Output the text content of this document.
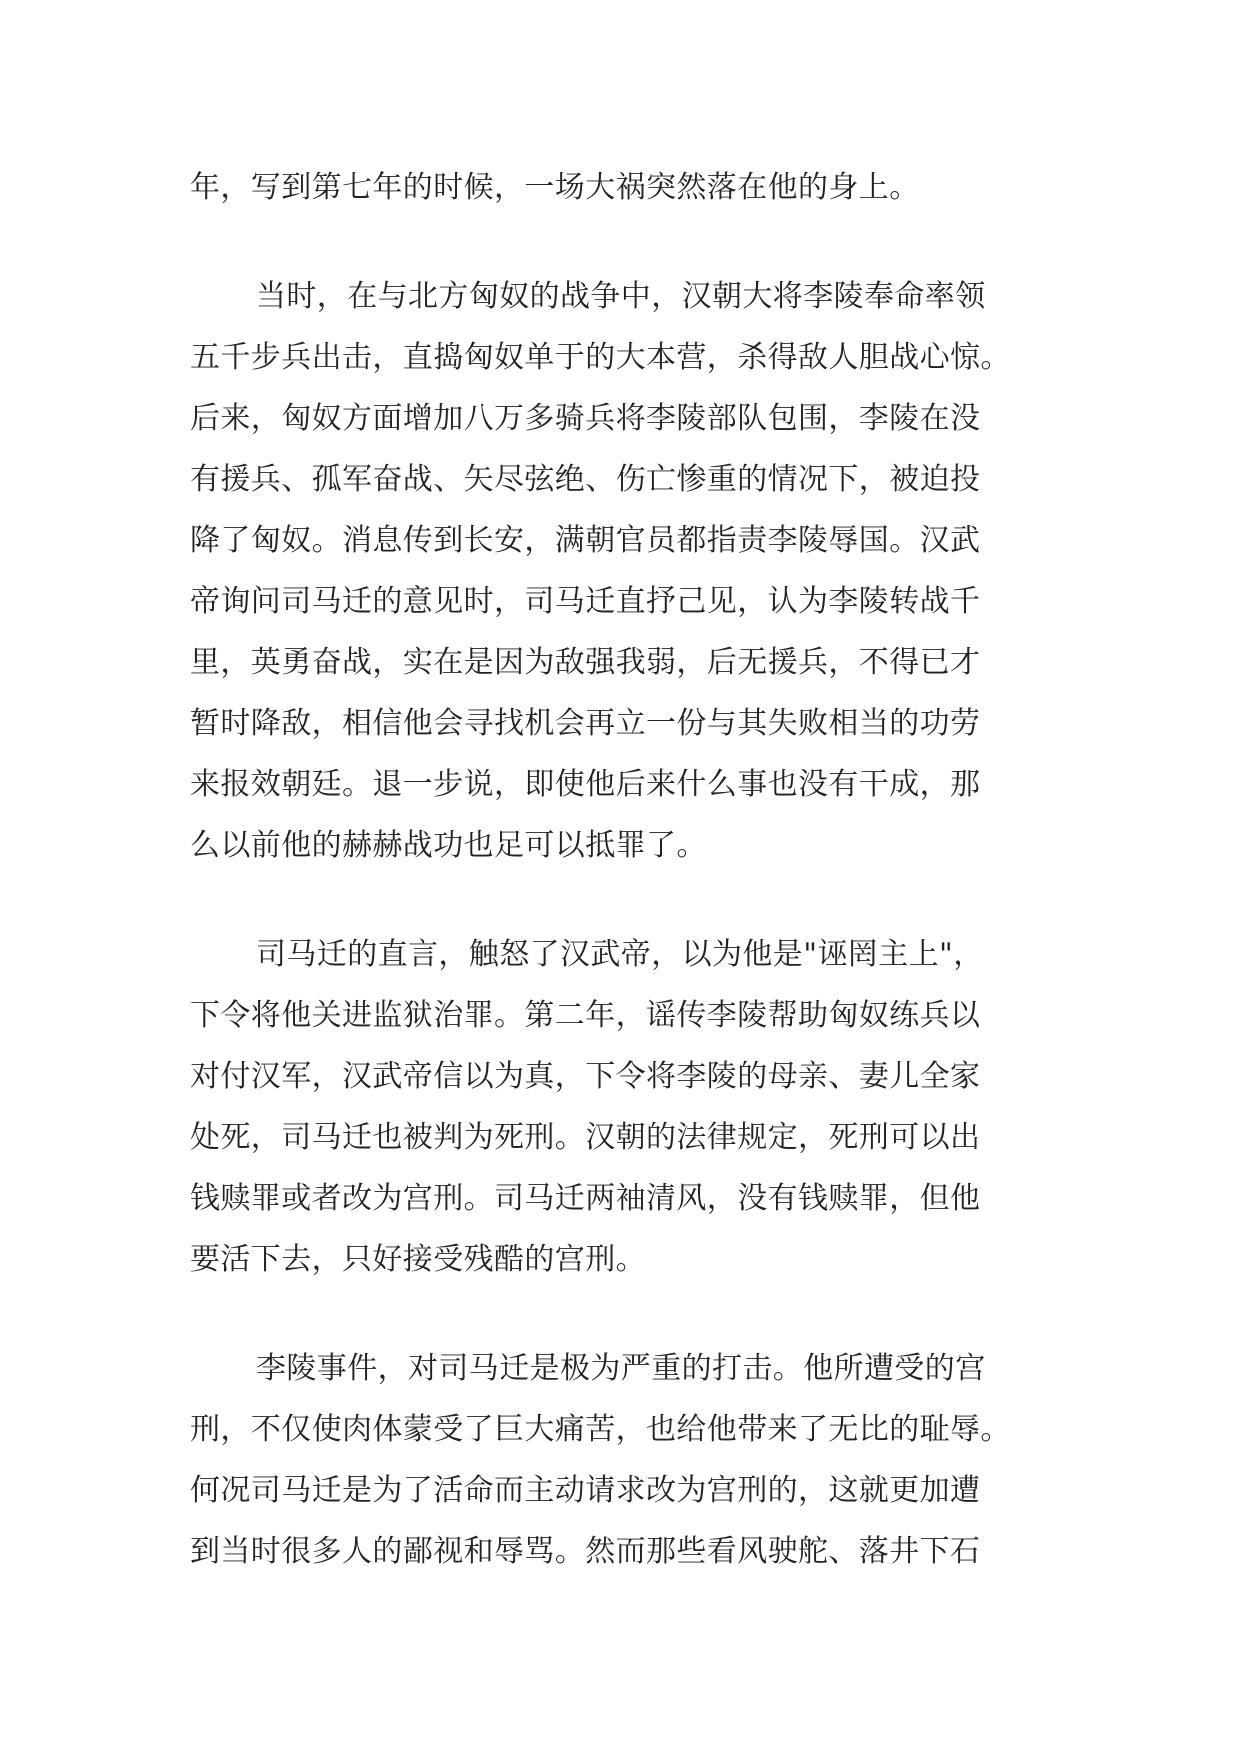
年，写到第七年的时候，一场大祸突然落在他的身上。
当时，在与北方匈奴的战争中，汉朝大将李陵奉命率领
五千步兵出击，直捣匈奴单于的大本营，杀得敌人胆战心惊。
后来，匈奴方面增加八万多骑兵将李陵部队包围，李陵在没
有援兵、孤军奋战、矢尽弦绝、伤亡惨重的情况下，被迫投
降了匈奴。消息传到长安，满朝官员都指责李陵辱国。汉武
帝询问司马迁的意见时，司马迁直抒己见，认为李陵转战千
里，英勇奋战，实在是因为敌强我弱，后无援兵，不得已才
暂时降敌，相信他会寻找机会再立一份与其失败相当的功劳
来报效朝廷。退一步说，即使他后来什么事也没有干成，那
么以前他的赫赫战功也足可以抵罪了。
司马迁的直言，触怒了汉武帝，以为他是"诬罔主上"，
下令将他关进监狱治罪。第二年，谣传李陵帮助匈奴练兵以
对付汉军，汉武帝信以为真，下令将李陵的母亲、妻儿全家
处死，司马迁也被判为死刑。汉朝的法律规定，死刑可以出
钱赎罪或者改为宫刑。司马迁两袖清风，没有钱赎罪，但他
要活下去，只好接受残酷的宫刑。
李陵事件，对司马迁是极为严重的打击。他所遭受的宫
刑，不仅使肉体蒙受了巨大痛苦，也给他带来了无比的耻辱。
何况司马迁是为了活命而主动请求改为宫刑的，这就更加遭
到当时很多人的鄙视和辱骂。然而那些看风驶舵、落井下石
